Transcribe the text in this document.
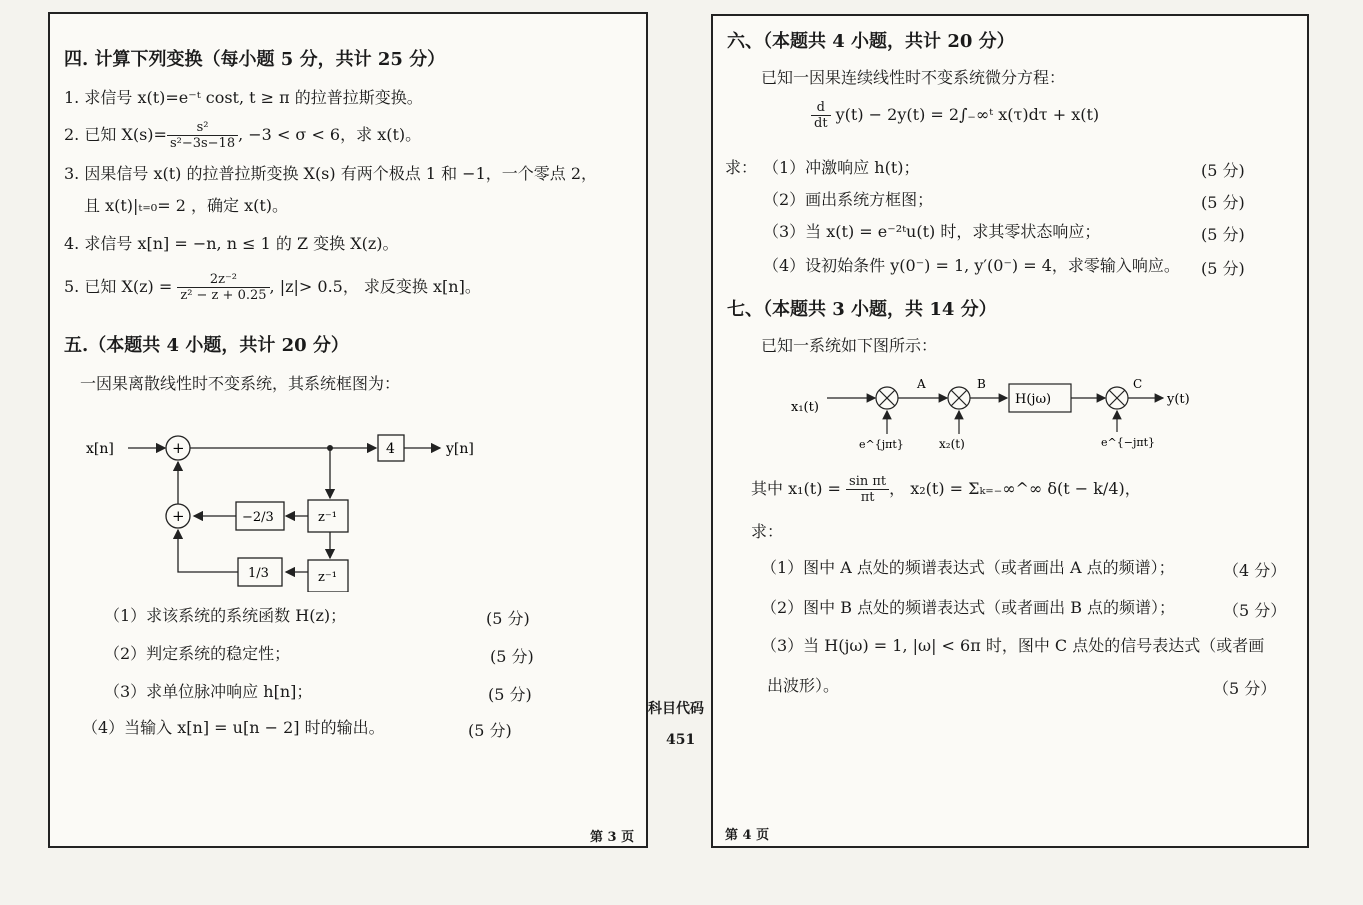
四. 计算下列变换（每小题 5 分，共计 25 分）
1. 求信号 x(t)=e⁻ᵗ cost, t ≥ π 的拉普拉斯变换。
2. 已知 $X(s)= \frac{\text{s²}}{\text{s²−3s−18}}$ , −3 < σ < 6，求 x(t)。
3. 因果信号 x(t) 的拉普拉斯变换 X(s) 有两个极点 1 和 −1，一个零点 2，
且 x(t)|ₜ₌₀= 2 ，确定 x(t)。
4. 求信号 x[n] = −n, n ≤ 1 的 Z 变换 X(z)。
5. 已知 $X(z) = \frac{\text{2z⁻²}}{\text{z² − z + 0.25}}$ , |z|> 0.5， 求反变换 x[n]。
五.（本题共 4 小题，共计 20 分）
一因果离散线性时不变系统，其系统框图为：
x[n]	+	4	y[n]
z⁻¹
z⁻¹
−2/3
+
1/3
（1）求该系统的系统函数 H(z)；	(5 分)
（2）判定系统的稳定性；	(5 分)
（3）求单位脉冲响应 h[n]；	(5 分)
（4）当输入 x[n] = u[n − 2] 时的输出。	(5 分)
第 3 页
科目代码
451
六、（本题共 4 小题，共计 20 分）
已知一因果连续线性时不变系统微分方程：
$\frac{d}{dt} y(t) - 2y(t)$ = 2∫₋∞ᵗ x(τ)dτ + x(t)
求： （1）冲激响应 h(t)；	(5 分)
（2）画出系统方框图；	(5 分)
（3）当 x(t) = e⁻²ᵗu(t) 时，求其零状态响应；	(5 分)
（4）设初始条件 y(0⁻) = 1, y′(0⁻) = 4，求零输入响应。 (5 分)
七、（本题共 3 小题，共 14 分）
已知一系统如下图所示：
x₁(t)
e^{jπt}
A
x₂(t)
B
H(jω)
e^{−jπt}
C
y(t)
其中 $x_1(t) = \frac{\text{sin πt}}{\pi t}$ ， x₂(t) = Σₖ₌₋∞^∞ δ(t − k/4)，
求：
（1）图中 A 点处的频谱表达式（或者画出 A 点的频谱）；	（4 分）
（2）图中 B 点处的频谱表达式（或者画出 B 点的频谱）；	（5 分）
（3）当 H(jω) = 1, |ω| < 6π 时，图中 C 点处的信号表达式（或者画
出波形）。	（5 分）
第 4 页
